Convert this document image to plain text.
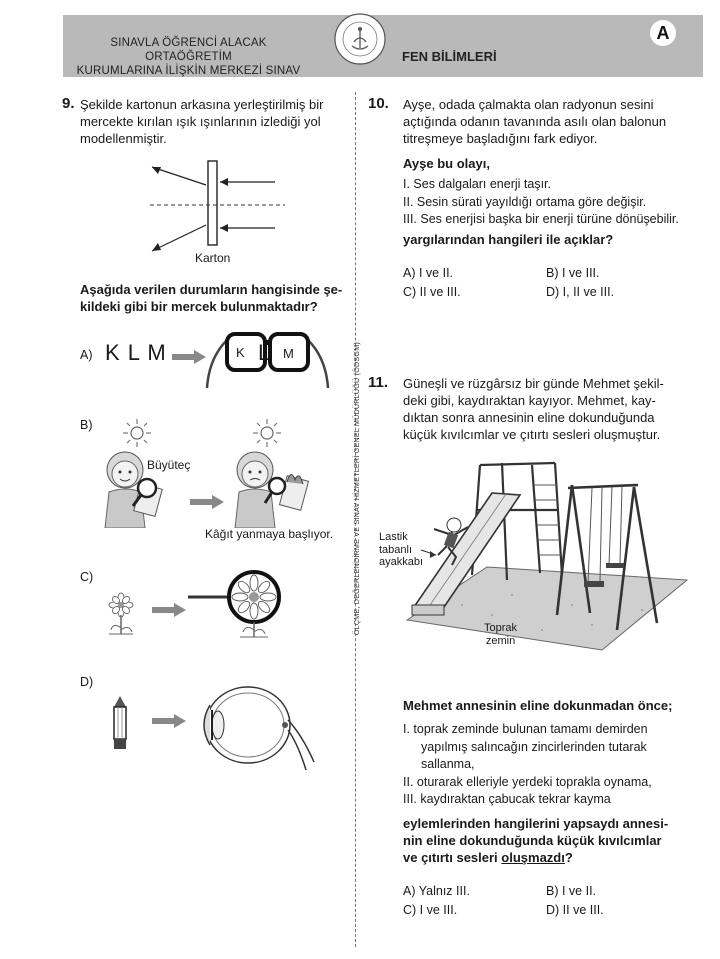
SINAVLA ÖĞRENCİ ALACAK ORTAÖĞRETİM
KURUMLARINA İLİŞKİN MERKEZİ SINAV
FEN BİLİMLERİ
A
ÖLÇME, DEĞERLENDİRME VE SINAV HİZMETLERİ GENEL MÜDÜRLÜĞÜ (ÖDSGM)
9. Şekilde kartonun arkasına yerleştirilmiş bir
mercekte kırılan ışık ışınlarının izlediği yol
modellenmiştir.
Karton
Aşağıda verilen durumların hangisinde şe-
kildeki gibi bir mercek bulunmaktadır?
A) K L M	K L M
B)
Büyüteç
Kâğıt yanmaya başlıyor.
C)
D)
10. Ayşe, odada çalmakta olan radyonun sesini
açtığında odanın tavanında asılı olan balonun
titreşmeye başladığını fark ediyor.
Ayşe bu olayı,
I. Ses dalgaları enerji taşır.
II. Sesin sürati yayıldığı ortama göre değişir.
III. Ses enerjisi başka bir enerji türüne dönüşebilir.
yargılarından hangileri ile açıklar?
A) I ve II.	B) I ve III.
C) II ve III.	D) I, II ve III.
11. Güneşli ve rüzgârsız bir günde Mehmet şekil-
deki gibi, kaydıraktan kayıyor. Mehmet, kay-
dıktan sonra annesinin eline dokunduğunda
küçük kıvılcımlar ve çıtırtı sesleri oluşmuştur.
Lastik
tabanlı
ayakkabı
Toprak
zemin
Mehmet annesinin eline dokunmadan önce;
I. toprak zeminde bulunan tamamı demirden
yapılmış salıncağın zincirlerinden tutarak
sallanma,
II. oturarak elleriyle yerdeki toprakla oynama,
III. kaydıraktan çabucak tekrar kayma
eylemlerinden hangilerini yapsaydı annesi-
nin eline dokunduğunda küçük kıvılcımlar
ve çıtırtı sesleri oluşmazdı?
A) Yalnız III.	B) I ve II.
C) I ve III.	D) II ve III.
